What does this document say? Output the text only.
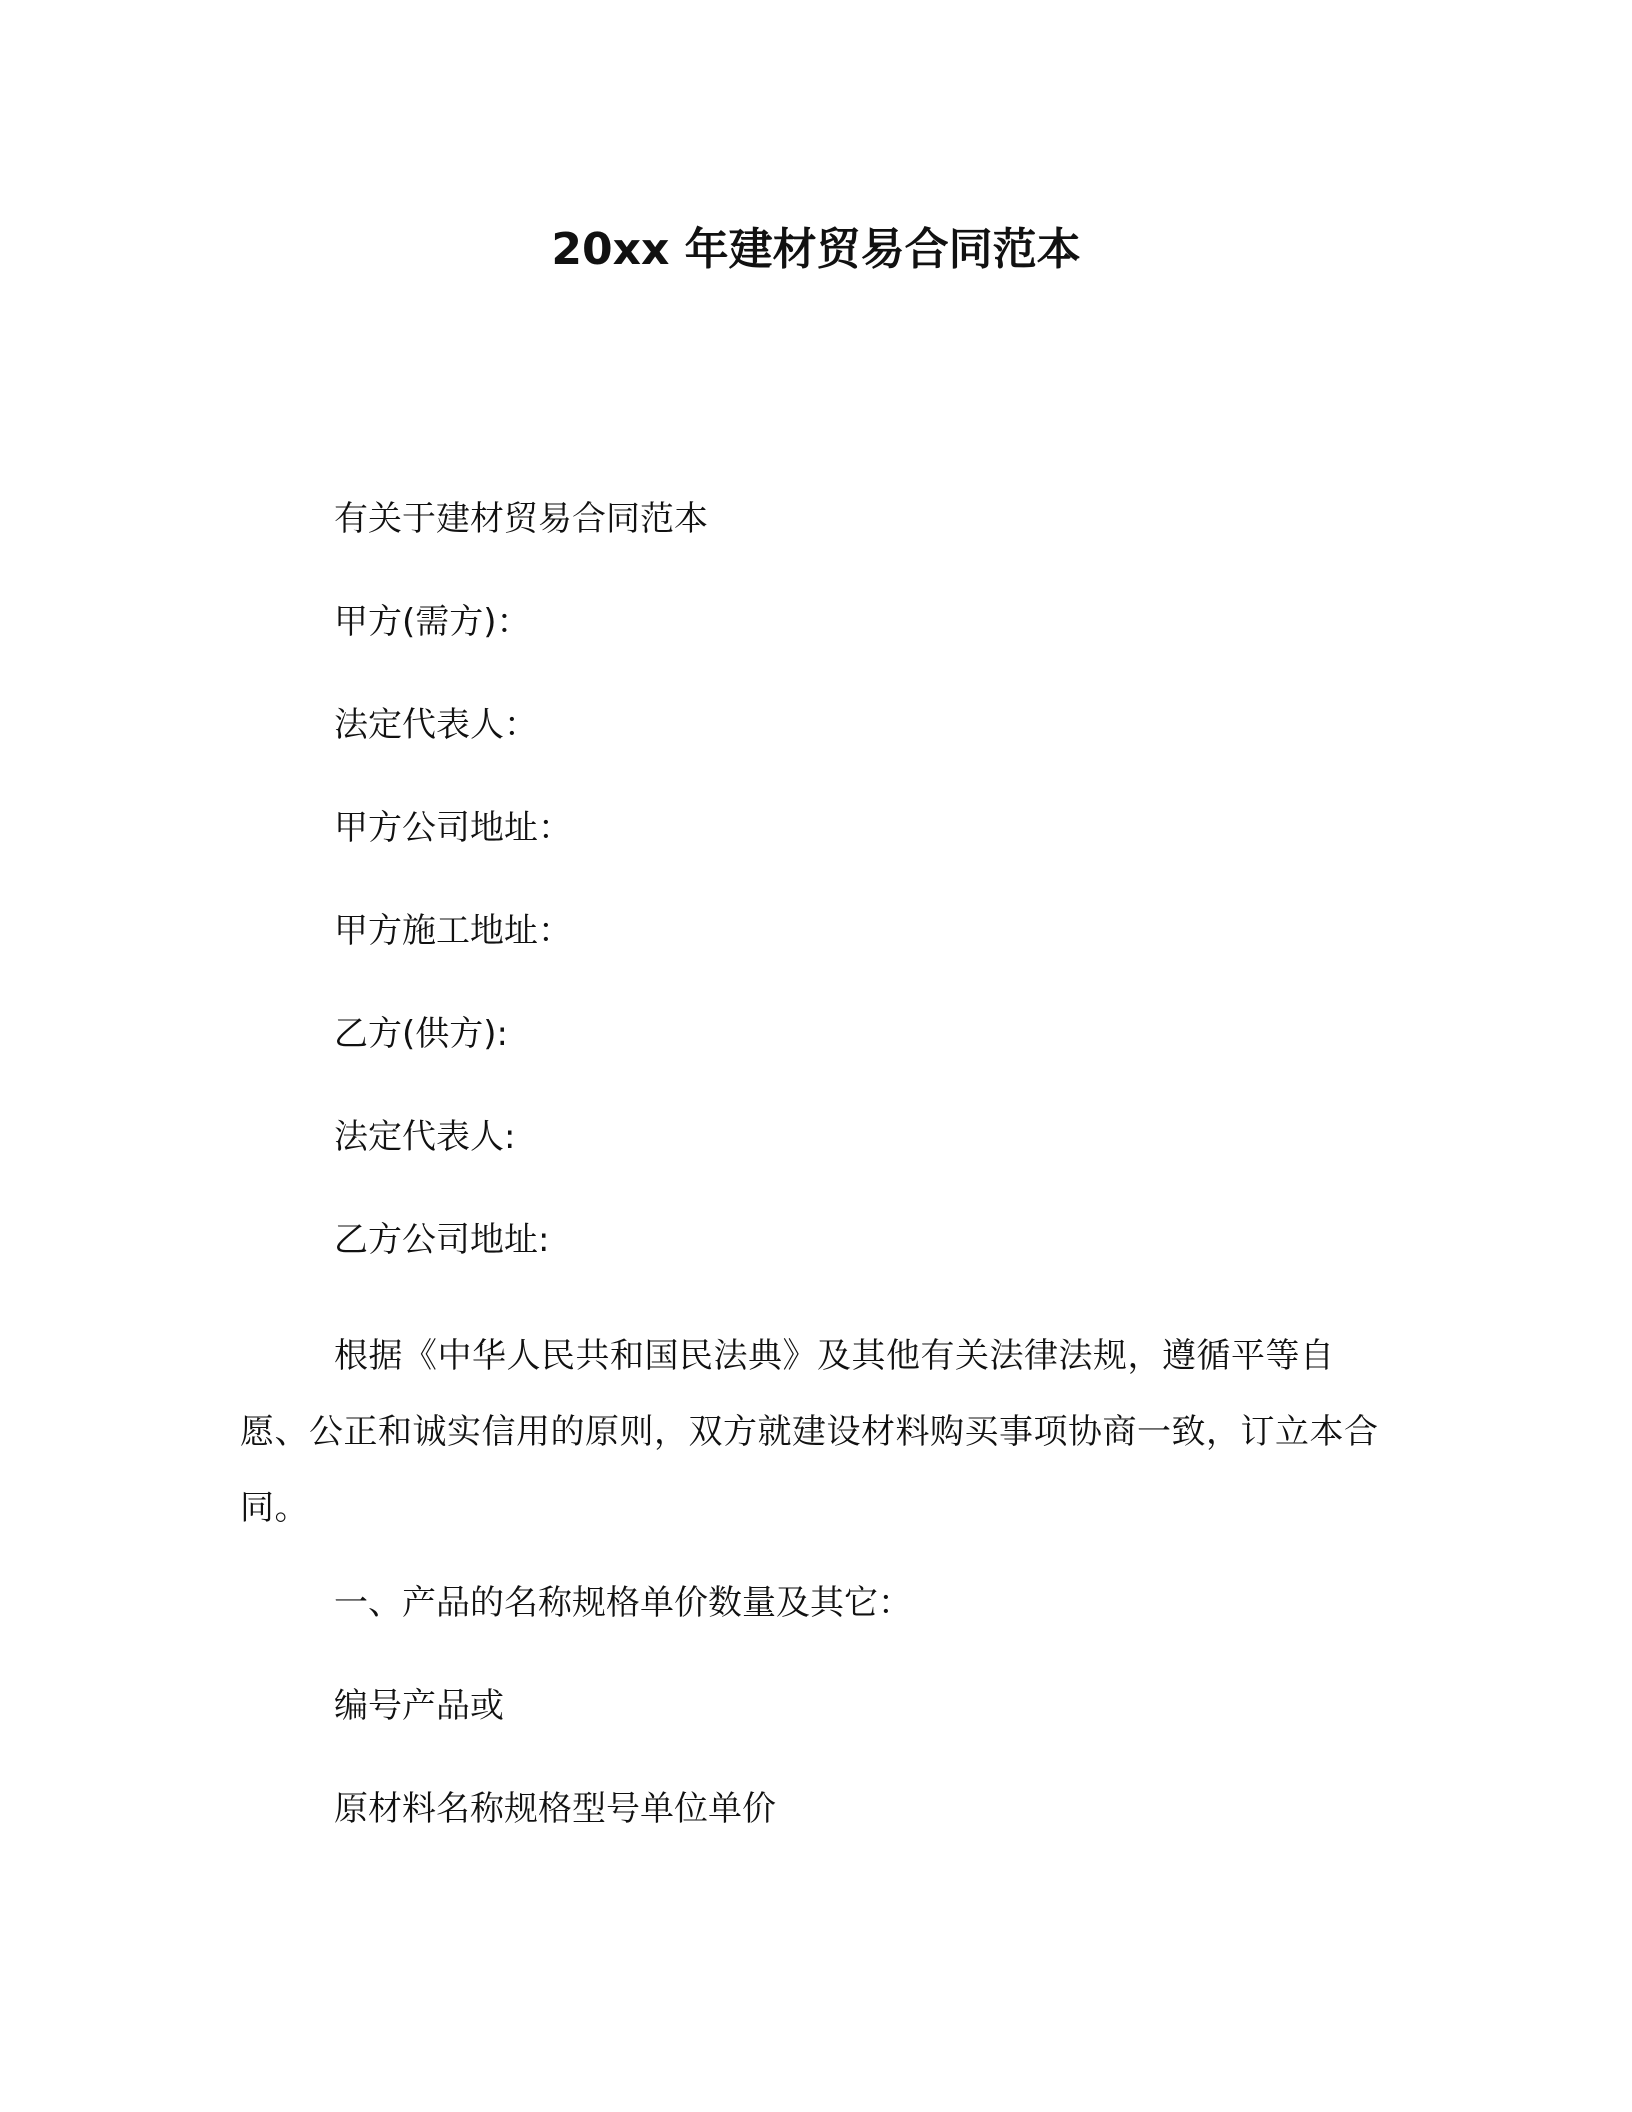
20xx 年建材贸易合同范本
有关于建材贸易合同范本
甲方(需方)：
法定代表人：
甲方公司地址：
甲方施工地址：
乙方(供方):
法定代表人:
乙方公司地址:

根据《中华人民共和国民法典》及其他有关法律法规，遵循平等自愿、公正和诚实信用的原则，双方就建设材料购买事项协商一致，订立本合同。

一、产品的名称规格单价数量及其它：
编号产品或
原材料名称规格型号单位单价
